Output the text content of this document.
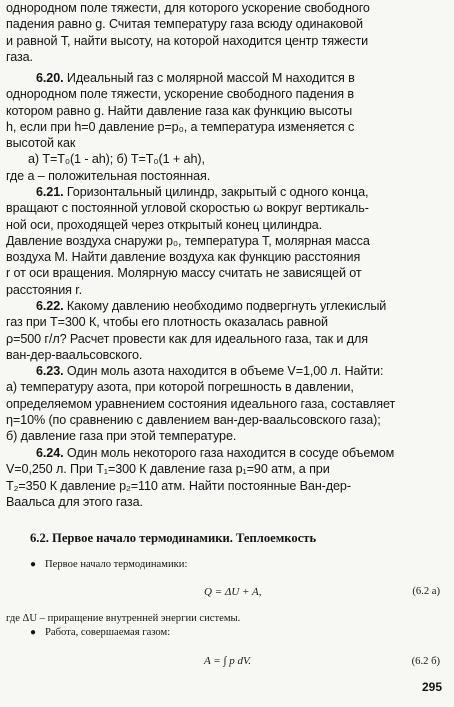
однородном поле тяжести, для которого ускорение свободного
падения равно g. Считая температуру газа всюду одинаковой
и равной T, найти высоту, на которой находится центр тяжести
газа.
6.20. Идеальный газ с молярной массой M находится в
однородном поле тяжести, ускорение свободного падения в
котором равно g. Найти давление газа как функцию высоты
h, если при h=0 давление p=p₀, а температура изменяется с
высотой как
а) T=T₀(1 - ah); б) T=T₀(1 + ah),
где a – положительная постоянная.
6.21. Горизонтальный цилиндр, закрытый с одного конца,
вращают с постоянной угловой скоростью ω вокруг вертикаль-
ной оси, проходящей через открытый конец цилиндра.
Давление воздуха снаружи p₀, температура T, молярная масса
воздуха M. Найти давление воздуха как функцию расстояния
r от оси вращения. Молярную массу считать не зависящей от
расстояния r.
6.22. Какому давлению необходимо подвергнуть углекислый
газ при T=300 К, чтобы его плотность оказалась равной
ρ=500 г/л? Расчет провести как для идеального газа, так и для
ван-дер-ваальсовского.
6.23. Один моль азота находится в объеме V=1,00 л. Найти:
а) температуру азота, при которой погрешность в давлении,
определяемом уравнением состояния идеального газа, составляет
η=10% (по сравнению с давлением ван-дер-ваальсовского газа);
б) давление газа при этой температуре.
6.24. Один моль некоторого газа находится в сосуде объемом
V=0,250 л. При T₁=300 К давление газа p₁=90 атм, а при
T₂=350 К давление p₂=110 атм. Найти постоянные Ван-дер-
Ваальса для этого газа.
6.2. Первое начало термодинамики. Теплоемкость
● Первое начало термодинамики:
Q = ΔU + A,	(6.2 а)
где ΔU – приращение внутренней энергии системы.
● Работа, совершаемая газом:
A = ∫ p dV.	(6.2 б)
295
